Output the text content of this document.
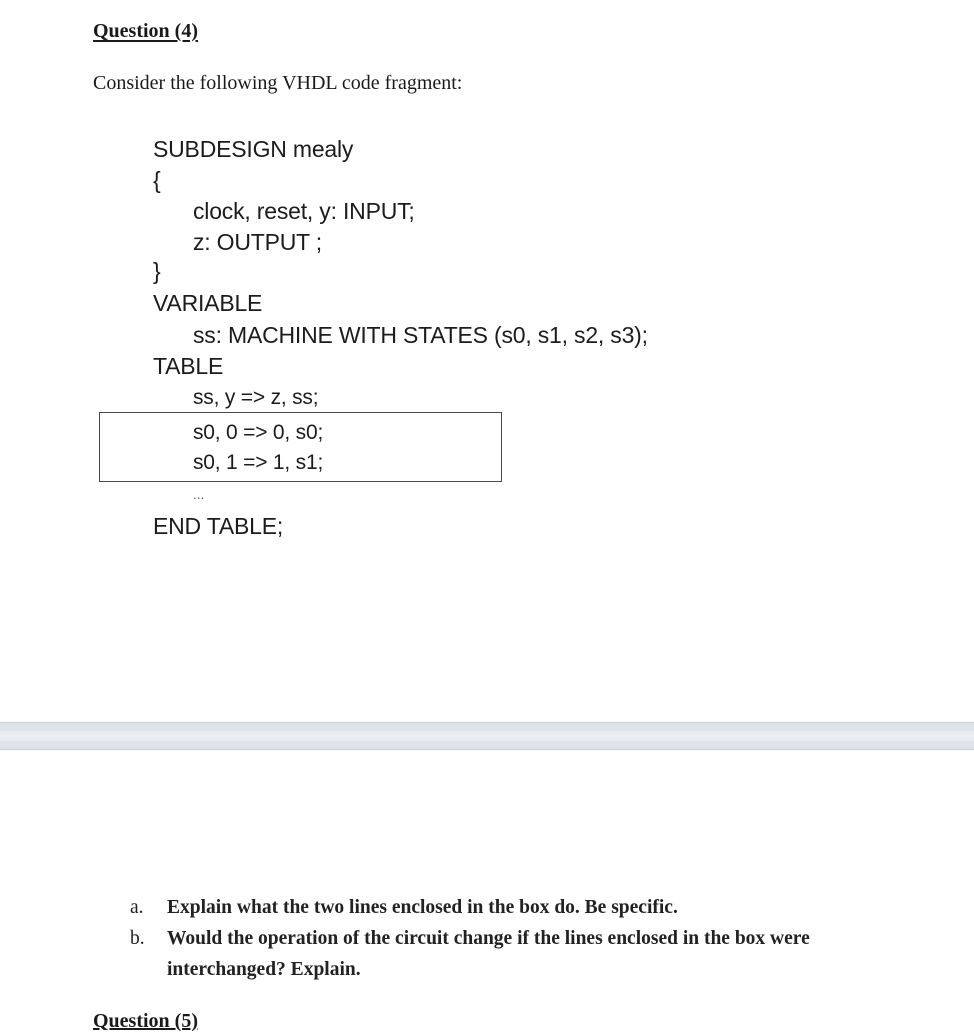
Question (4)
Consider the following VHDL code fragment:
SUBDESIGN mealy
{
clock, reset, y: INPUT;
z: OUTPUT ;
}
VARIABLE
ss: MACHINE WITH STATES (s0, s1, s2, s3);
TABLE
ss, y => z, ss;
s0, 0 => 0, s0;
s0, 1 => 1, s1;
...
END TABLE;
a. Explain what the two lines enclosed in the box do. Be specific.
b. Would the operation of the circuit change if the lines enclosed in the box were
interchanged? Explain.
Question (5)
